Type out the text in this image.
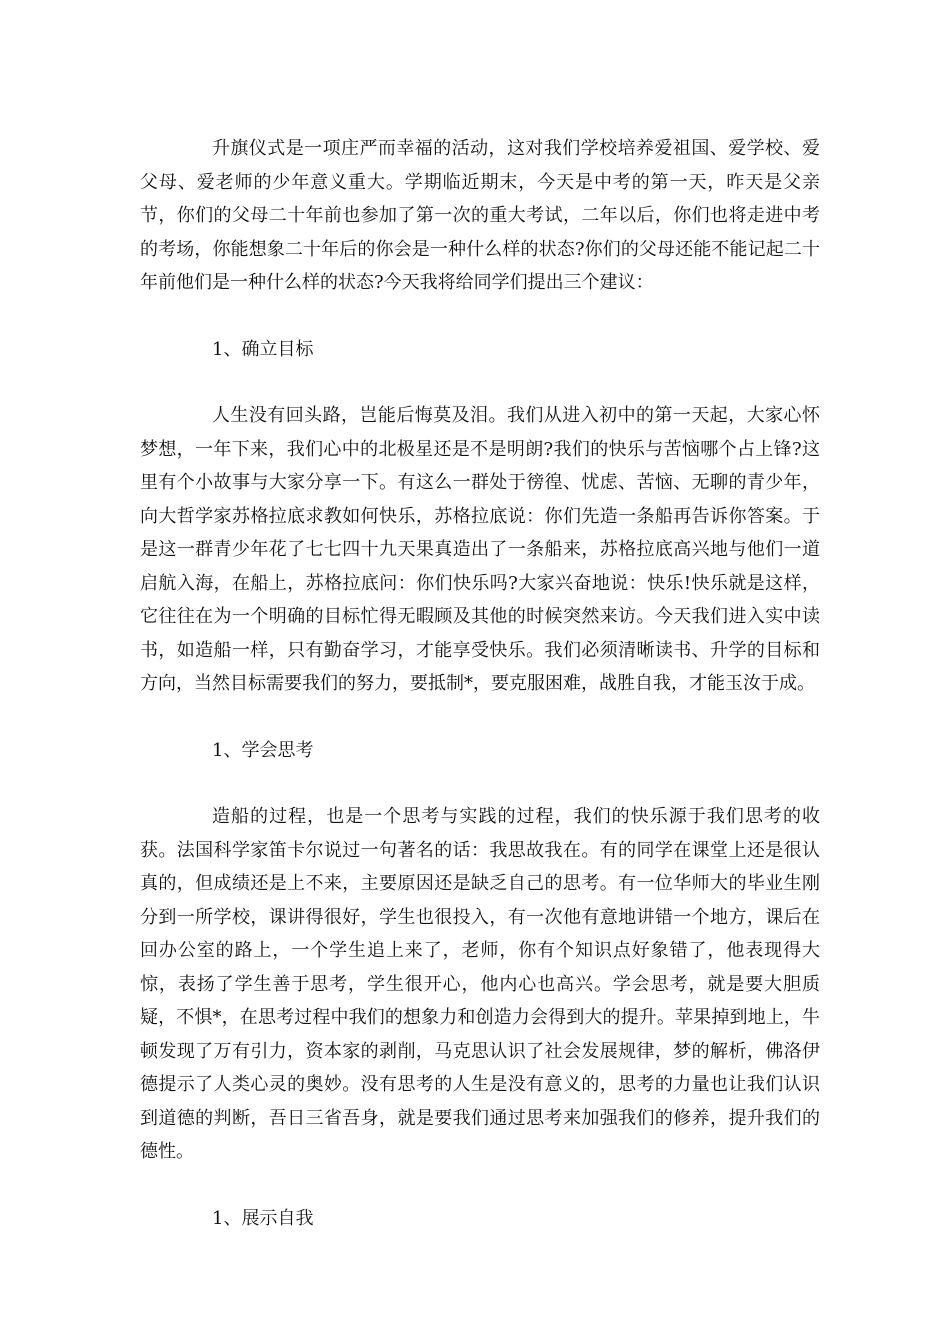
升旗仪式是一项庄严而幸福的活动，这对我们学校培养爱祖国、爱学校、爱父母、爱老师的少年意义重大。学期临近期末，今天是中考的第一天，昨天是父亲节，你们的父母二十年前也参加了第一次的重大考试，二年以后，你们也将走进中考的考场，你能想象二十年后的你会是一种什么样的状态?你们的父母还能不能记起二十年前他们是一种什么样的状态?今天我将给同学们提出三个建议：

1、确立目标

人生没有回头路，岂能后悔莫及泪。我们从进入初中的第一天起，大家心怀梦想，一年下来，我们心中的北极星还是不是明朗?我们的快乐与苦恼哪个占上锋?这里有个小故事与大家分享一下。有这么一群处于徬徨、忧虑、苦恼、无聊的青少年，向大哲学家苏格拉底求教如何快乐，苏格拉底说：你们先造一条船再告诉你答案。于是这一群青少年花了七七四十九天果真造出了一条船来，苏格拉底高兴地与他们一道启航入海，在船上，苏格拉底问：你们快乐吗?大家兴奋地说：快乐!快乐就是这样，它往往在为一个明确的目标忙得无暇顾及其他的时候突然来访。今天我们进入实中读书，如造船一样，只有勤奋学习，才能享受快乐。我们必须清晰读书、升学的目标和方向，当然目标需要我们的努力，要抵制*，要克服困难，战胜自我，才能玉汝于成。

1、学会思考

造船的过程，也是一个思考与实践的过程，我们的快乐源于我们思考的收获。法国科学家笛卡尔说过一句著名的话：我思故我在。有的同学在课堂上还是很认真的，但成绩还是上不来，主要原因还是缺乏自己的思考。有一位华师大的毕业生刚分到一所学校，课讲得很好，学生也很投入，有一次他有意地讲错一个地方，课后在回办公室的路上，一个学生追上来了，老师，你有个知识点好象错了，他表现得大惊，表扬了学生善于思考，学生很开心，他内心也高兴。学会思考，就是要大胆质疑，不惧*，在思考过程中我们的想象力和创造力会得到大的提升。苹果掉到地上，牛顿发现了万有引力，资本家的剥削，马克思认识了社会发展规律，梦的解析，佛洛伊德提示了人类心灵的奥妙。没有思考的人生是没有意义的，思考的力量也让我们认识到道德的判断，吾日三省吾身，就是要我们通过思考来加强我们的修养，提升我们的德性。

1、展示自我
